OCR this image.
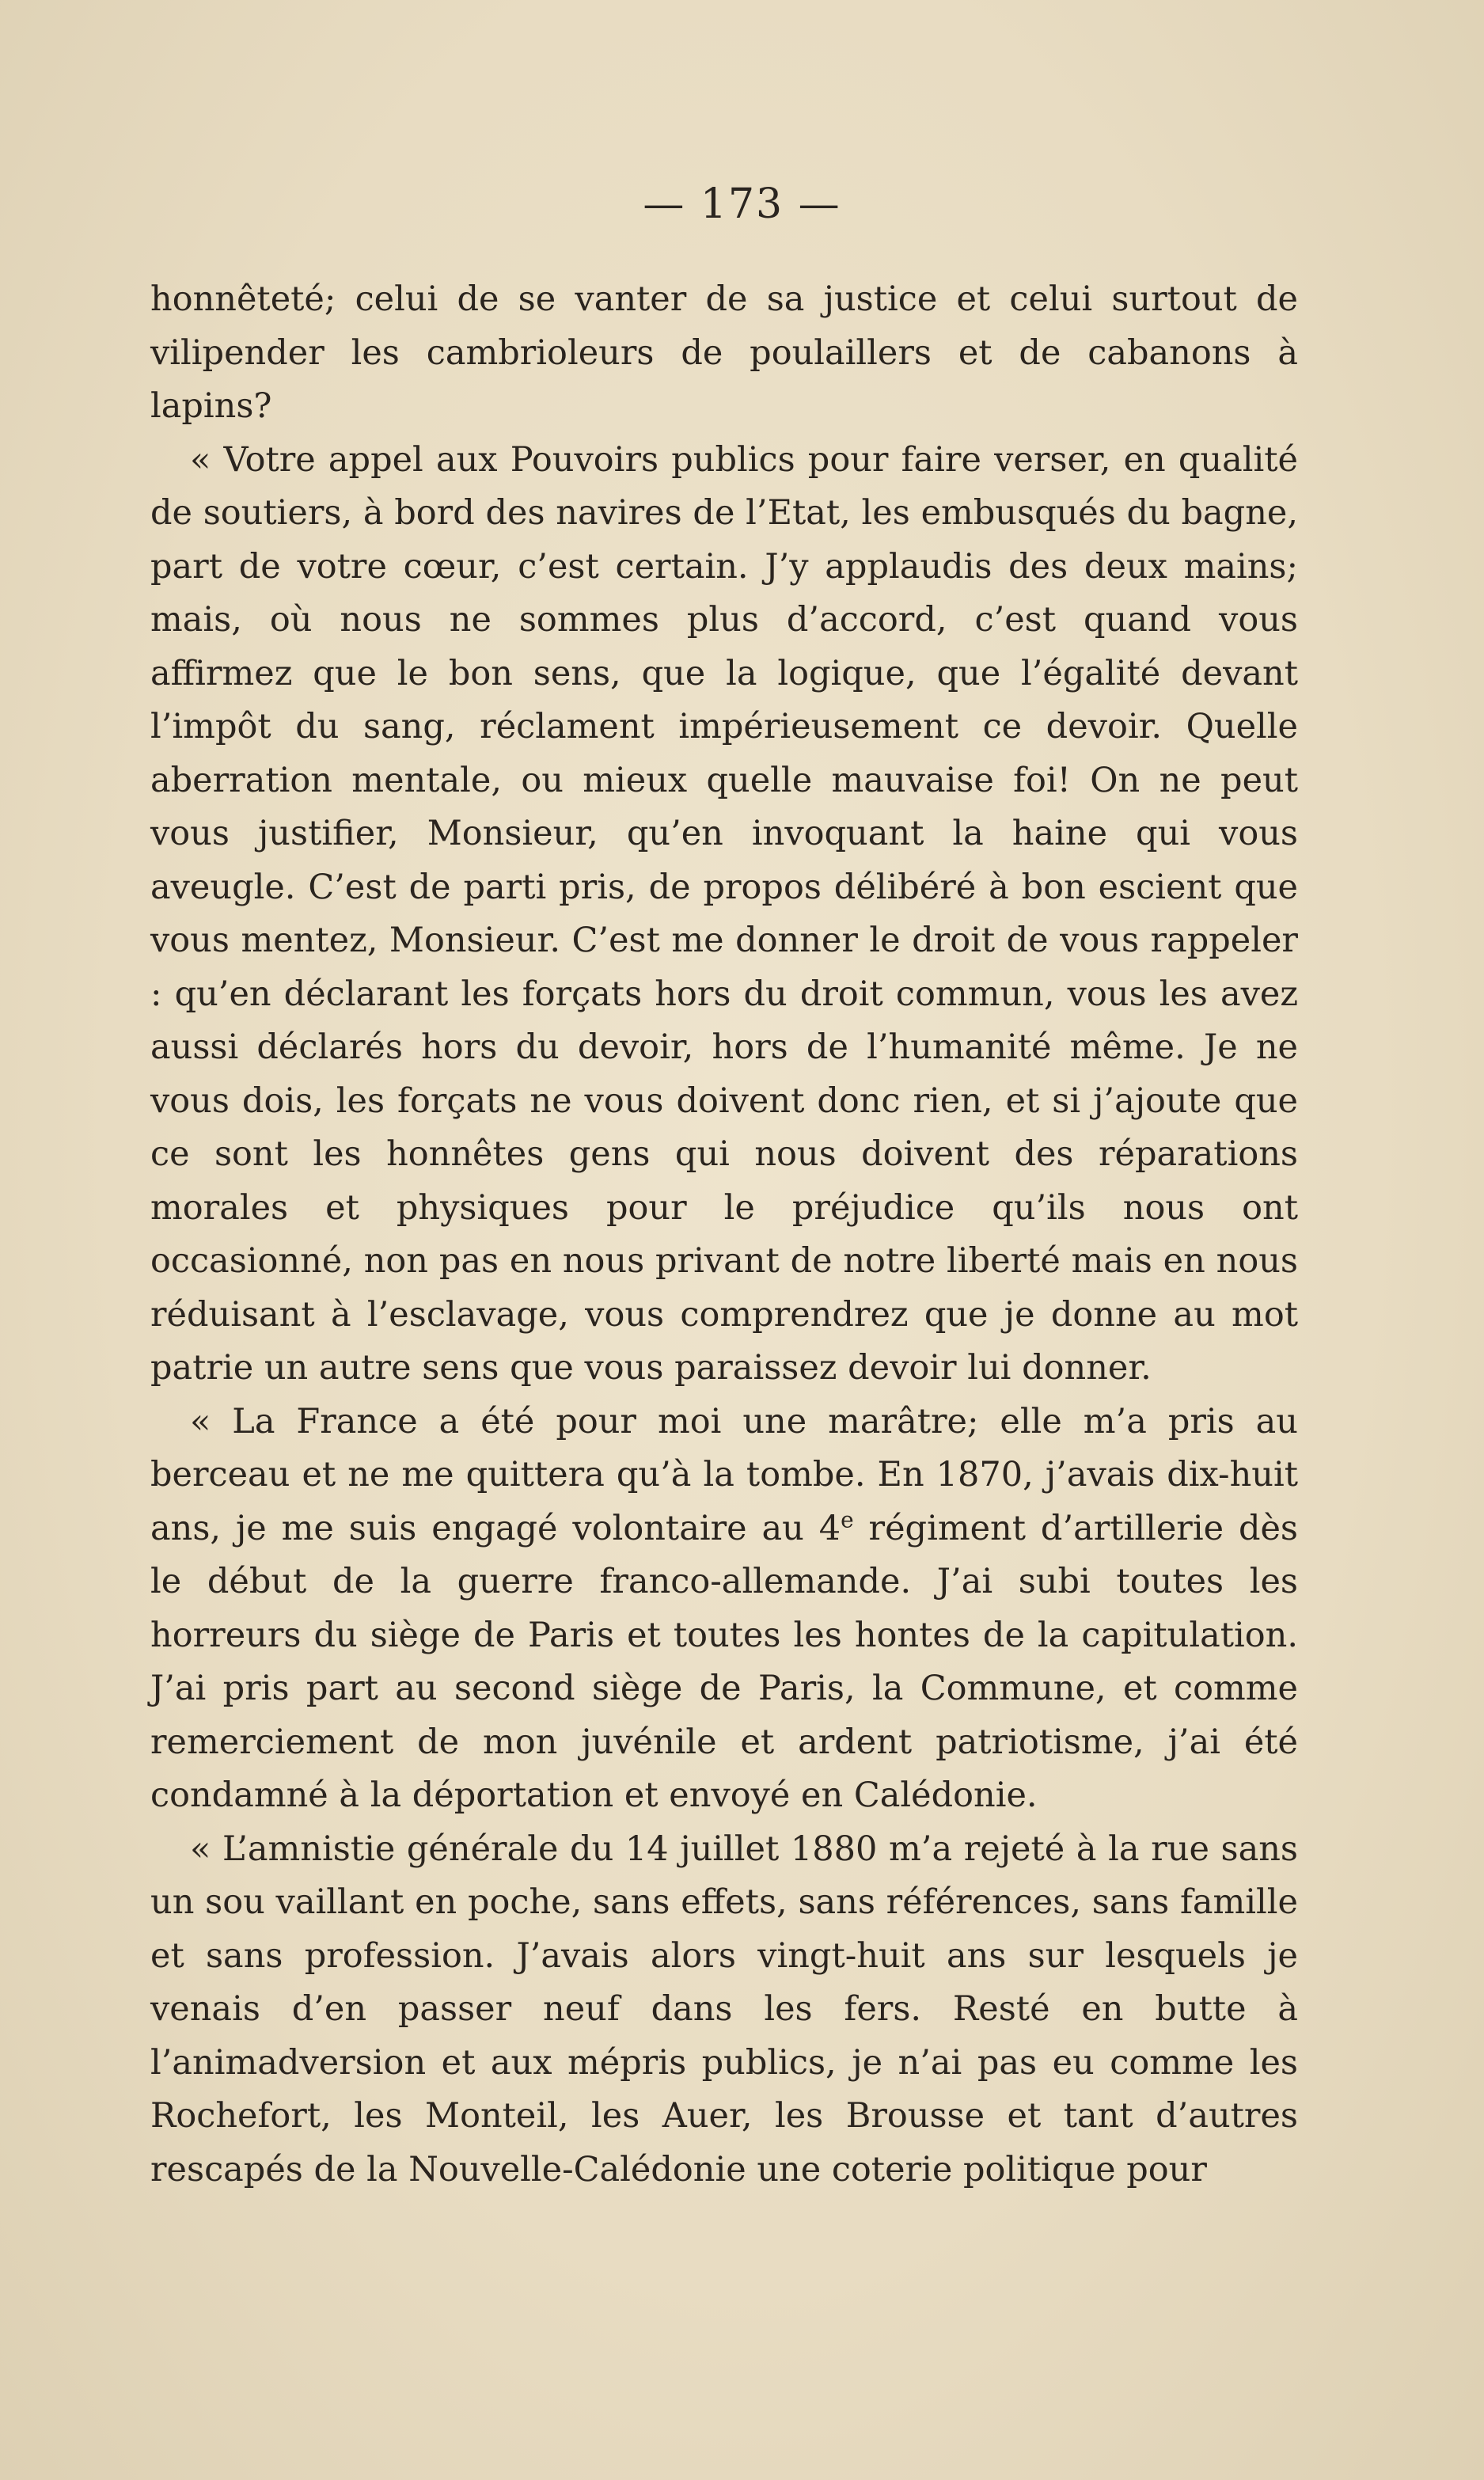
— 173 —

honnêteté; celui de se vanter de sa justice et celui surtout de vilipender les cambrioleurs de poulaillers et de cabanons à lapins?

« Votre appel aux Pouvoirs publics pour faire verser, en qualité de soutiers, à bord des navires de l’Etat, les embusqués du bagne, part de votre cœur, c’est certain. J’y applaudis des deux mains; mais, où nous ne sommes plus d’accord, c’est quand vous affirmez que le bon sens, que la logique, que l’égalité devant l’impôt du sang, réclament impérieusement ce devoir. Quelle aberration mentale, ou mieux quelle mauvaise foi! On ne peut vous justifier, Monsieur, qu’en invoquant la haine qui vous aveugle. C’est de parti pris, de propos délibéré à bon escient que vous mentez, Monsieur. C’est me donner le droit de vous rappeler : qu’en déclarant les forçats hors du droit commun, vous les avez aussi déclarés hors du devoir, hors de l’humanité même. Je ne vous dois, les forçats ne vous doivent donc rien, et si j’ajoute que ce sont les honnêtes gens qui nous doivent des réparations morales et physiques pour le préjudice qu’ils nous ont occasionné, non pas en nous privant de notre liberté mais en nous réduisant à l’esclavage, vous comprendrez que je donne au mot patrie un autre sens que vous paraissez devoir lui donner.

« La France a été pour moi une marâtre; elle m’a pris au berceau et ne me quittera qu’à la tombe. En 1870, j’avais dix-huit ans, je me suis engagé volontaire au 4e régiment d’artillerie dès le début de la guerre franco-allemande. J’ai subi toutes les horreurs du siège de Paris et toutes les hontes de la capitulation. J’ai pris part au second siège de Paris, la Commune, et comme remerciement de mon juvénile et ardent patriotisme, j’ai été condamné à la déportation et envoyé en Calédonie.

« L’amnistie générale du 14 juillet 1880 m’a rejeté à la rue sans un sou vaillant en poche, sans effets, sans références, sans famille et sans profession. J’avais alors vingt-huit ans sur lesquels je venais d’en passer neuf dans les fers. Resté en butte à l’animadversion et aux mépris publics, je n’ai pas eu comme les Rochefort, les Monteil, les Auer, les Brousse et tant d’autres rescapés de la Nouvelle-Calédonie une coterie politique pour
